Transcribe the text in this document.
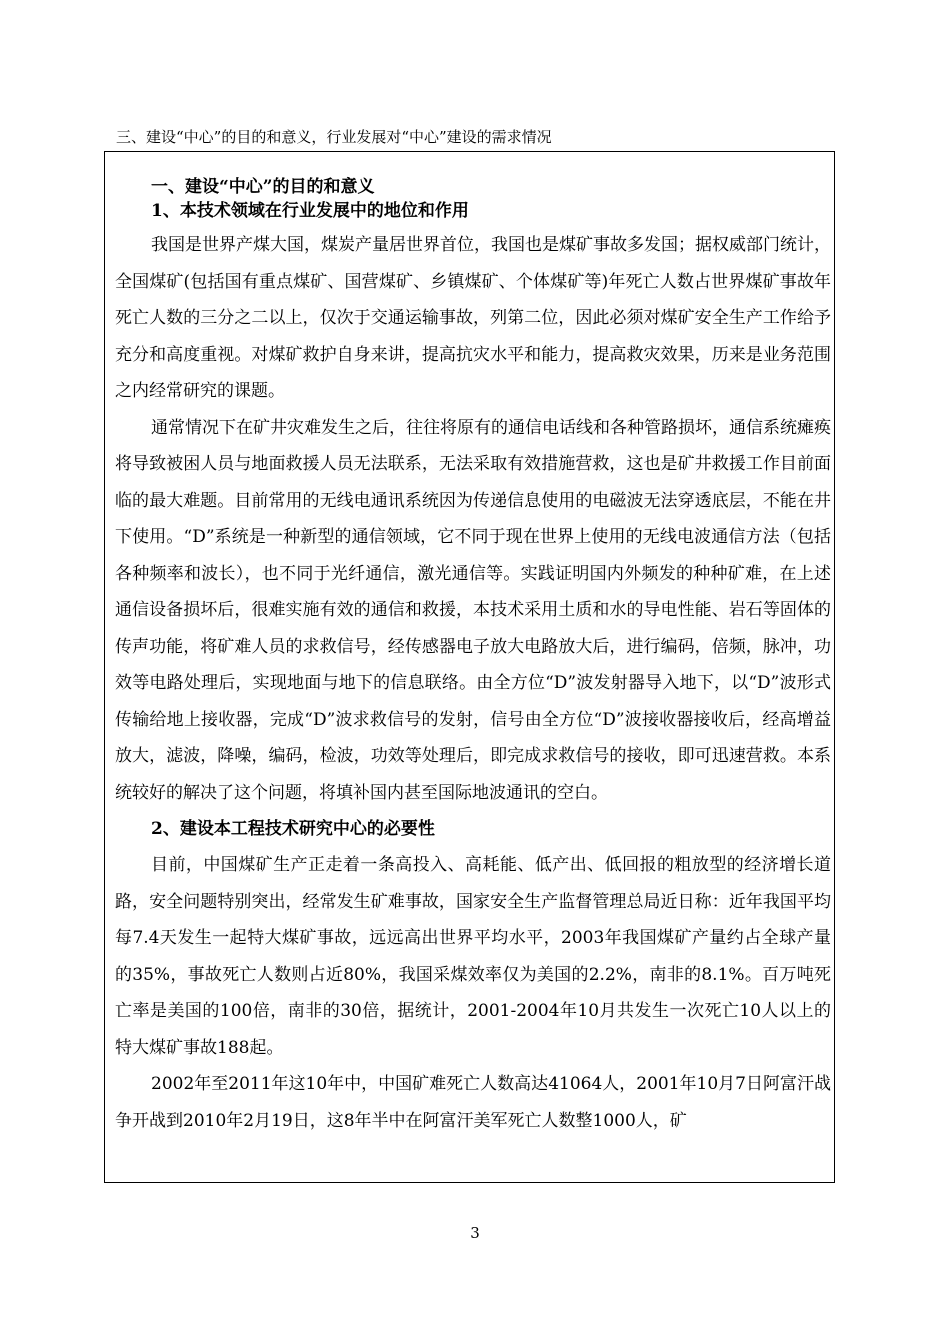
三、建设“中心”的目的和意义，行业发展对“中心”建设的需求情况

一、建设“中心”的目的和意义

1、本技术领域在行业发展中的地位和作用

我国是世界产煤大国，煤炭产量居世界首位，我国也是煤矿事故多发国；据权威部门统计，全国煤矿(包括国有重点煤矿、国营煤矿、乡镇煤矿、个体煤矿等)年死亡人数占世界煤矿事故年死亡人数的三分之二以上，仅次于交通运输事故，列第二位，因此必须对煤矿安全生产工作给予充分和高度重视。对煤矿救护自身来讲，提高抗灾水平和能力，提高救灾效果，历来是业务范围之内经常研究的课题。

通常情况下在矿井灾难发生之后，往往将原有的通信电话线和各种管路损坏，通信系统瘫痪将导致被困人员与地面救援人员无法联系，无法采取有效措施营救，这也是矿井救援工作目前面临的最大难题。目前常用的无线电通讯系统因为传递信息使用的电磁波无法穿透底层，不能在井下使用。“D”系统是一种新型的通信领域，它不同于现在世界上使用的无线电波通信方法（包括各种频率和波长），也不同于光纤通信，激光通信等。实践证明国内外频发的种种矿难，在上述通信设备损坏后，很难实施有效的通信和救援，本技术采用土质和水的导电性能、岩石等固体的传声功能，将矿难人员的求救信号，经传感器电子放大电路放大后，进行编码，倍频，脉冲，功效等电路处理后，实现地面与地下的信息联络。由全方位“D”波发射器导入地下，以“D”波形式传输给地上接收器，完成“D”波求救信号的发射，信号由全方位“D”波接收器接收后，经高增益放大，滤波，降噪，编码，检波，功效等处理后，即完成求救信号的接收，即可迅速营救。本系统较好的解决了这个问题，将填补国内甚至国际地波通讯的空白。

2、建设本工程技术研究中心的必要性

目前，中国煤矿生产正走着一条高投入、高耗能、低产出、低回报的粗放型的经济增长道路，安全问题特别突出，经常发生矿难事故，国家安全生产监督管理总局近日称：近年我国平均每7.4天发生一起特大煤矿事故，远远高出世界平均水平，2003年我国煤矿产量约占全球产量的35%，事故死亡人数则占近80%，我国采煤效率仅为美国的2.2%，南非的8.1%。百万吨死亡率是美国的100倍，南非的30倍，据统计，2001-2004年10月共发生一次死亡10人以上的特大煤矿事故188起。

2002年至2011年这10年中，中国矿难死亡人数高达41064人，2001年10月7日阿富汗战争开战到2010年2月19日，这8年半中在阿富汗美军死亡人数整1000人，矿

3
